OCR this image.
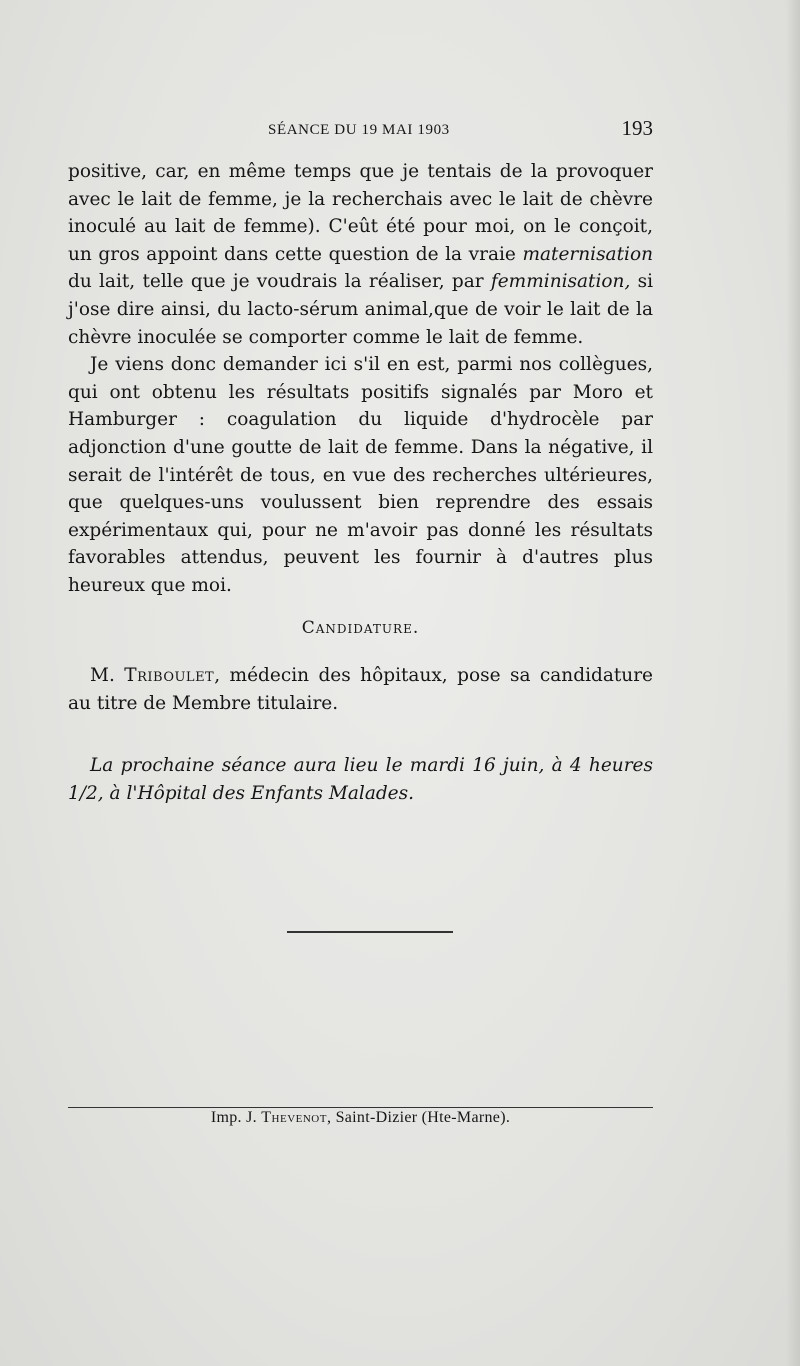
SÉANCE DU 19 MAI 1903	193

positive, car, en même temps que je tentais de la provoquer avec le lait de femme, je la recherchais avec le lait de chèvre inoculé au lait de femme). C'eût été pour moi, on le conçoit, un gros appoint dans cette question de la vraie maternisation du lait, telle que je voudrais la réaliser, par femminisation, si j'ose dire ainsi, du lacto-sérum animal,que de voir le lait de la chèvre inoculée se comporter comme le lait de femme.

Je viens donc demander ici s'il en est, parmi nos collègues, qui ont obtenu les résultats positifs signalés par Moro et Hamburger : coagulation du liquide d'hydrocèle par adjonction d'une goutte de lait de femme. Dans la négative, il serait de l'intérêt de tous, en vue des recherches ultérieures, que quelques-uns voulussent bien reprendre des essais expérimentaux qui, pour ne m'avoir pas donné les résultats favorables attendus, peuvent les fournir à d'autres plus heureux que moi.

Candidature.

M. Triboulet, médecin des hôpitaux, pose sa candidature au titre de Membre titulaire.

La prochaine séance aura lieu le mardi 16 juin, à 4 heures 1/2, à l'Hôpital des Enfants Malades.

Imp. J. Thevenot, Saint-Dizier (Hte-Marne).
